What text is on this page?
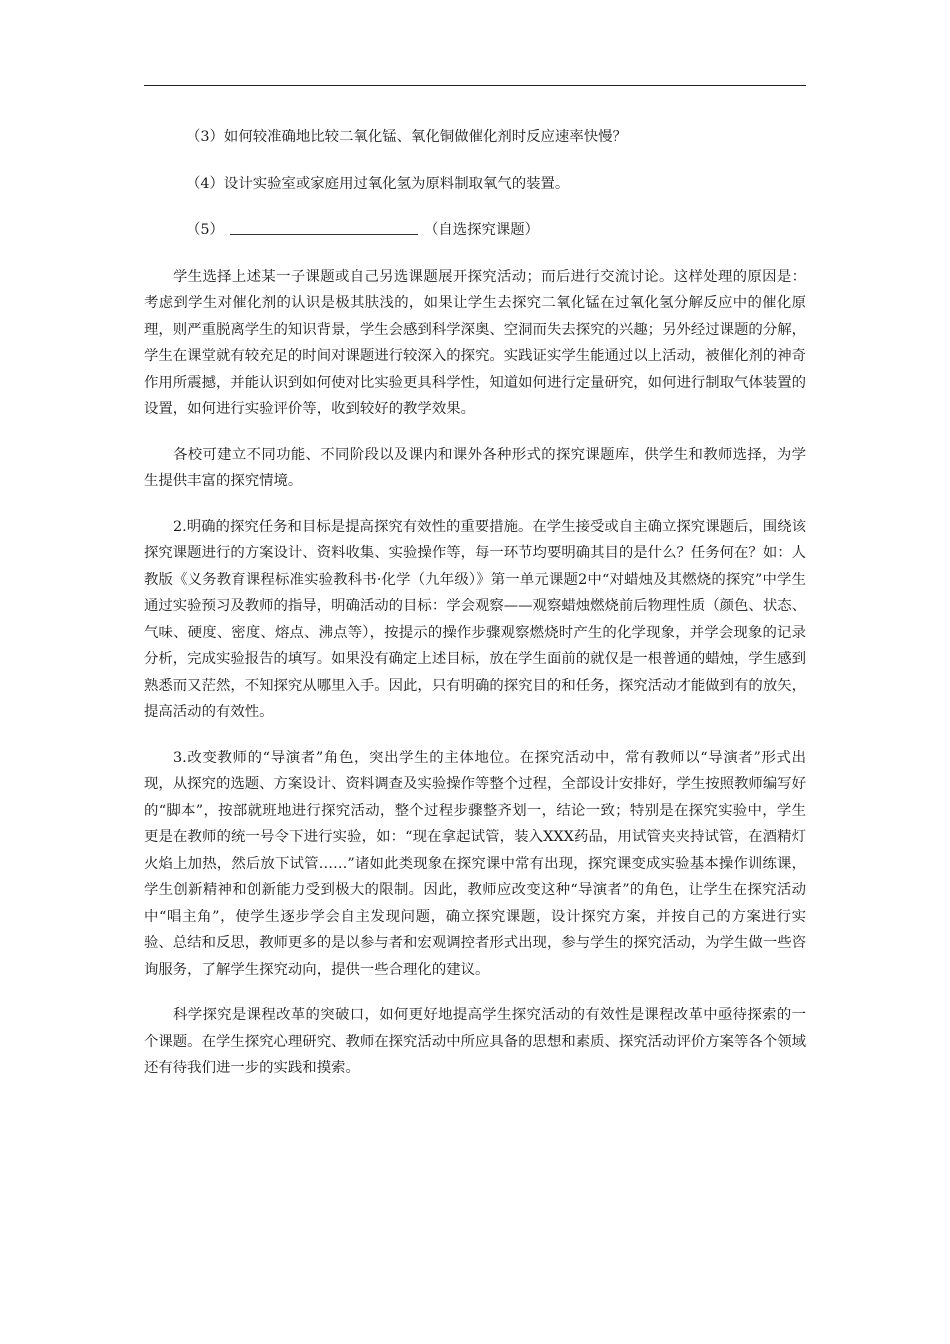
（3）如何较准确地比较二氧化锰、氧化铜做催化剂时反应速率快慢？

（4）设计实验室或家庭用过氧化氢为原料制取氧气的装置。

（5）	（自选探究课题）

学生选择上述某一子课题或自己另选课题展开探究活动；而后进行交流讨论。这样处理的原因是：考虑到学生对催化剂的认识是极其肤浅的，如果让学生去探究二氧化锰在过氧化氢分解反应中的催化原理，则严重脱离学生的知识背景，学生会感到科学深奥、空洞而失去探究的兴趣；另外经过课题的分解，学生在课堂就有较充足的时间对课题进行较深入的探究。实践证实学生能通过以上活动，被催化剂的神奇作用所震撼，并能认识到如何使对比实验更具科学性，知道如何进行定量研究，如何进行制取气体装置的设置，如何进行实验评价等，收到较好的教学效果。

各校可建立不同功能、不同阶段以及课内和课外各种形式的探究课题库，供学生和教师选择，为学生提供丰富的探究情境。

2.明确的探究任务和目标是提高探究有效性的重要措施。在学生接受或自主确立探究课题后，围绕该探究课题进行的方案设计、资料收集、实验操作等，每一环节均要明确其目的是什么？任务何在？如：人教版《义务教育课程标准实验教科书·化学（九年级）》第一单元课题2中“对蜡烛及其燃烧的探究”中学生通过实验预习及教师的指导，明确活动的目标：学会观察——观察蜡烛燃烧前后物理性质（颜色、状态、气味、硬度、密度、熔点、沸点等），按提示的操作步骤观察燃烧时产生的化学现象，并学会现象的记录分析，完成实验报告的填写。如果没有确定上述目标，放在学生面前的就仅是一根普通的蜡烛，学生感到熟悉而又茫然，不知探究从哪里入手。因此，只有明确的探究目的和任务，探究活动才能做到有的放矢，提高活动的有效性。

3.改变教师的“导演者”角色，突出学生的主体地位。在探究活动中，常有教师以“导演者”形式出现，从探究的选题、方案设计、资料调查及实验操作等整个过程，全部设计安排好，学生按照教师编写好的“脚本”，按部就班地进行探究活动，整个过程步骤整齐划一，结论一致；特别是在探究实验中，学生更是在教师的统一号令下进行实验，如：“现在拿起试管，装入XXX药品，用试管夹夹持试管，在酒精灯火焰上加热，然后放下试管……”诸如此类现象在探究课中常有出现，探究课变成实验基本操作训练课，学生创新精神和创新能力受到极大的限制。因此，教师应改变这种“导演者”的角色，让学生在探究活动中“唱主角”，使学生逐步学会自主发现问题，确立探究课题，设计探究方案，并按自己的方案进行实验、总结和反思，教师更多的是以参与者和宏观调控者形式出现，参与学生的探究活动，为学生做一些咨询服务，了解学生探究动向，提供一些合理化的建议。

科学探究是课程改革的突破口，如何更好地提高学生探究活动的有效性是课程改革中亟待探索的一个课题。在学生探究心理研究、教师在探究活动中所应具备的思想和素质、探究活动评价方案等各个领域还有待我们进一步的实践和摸索。
